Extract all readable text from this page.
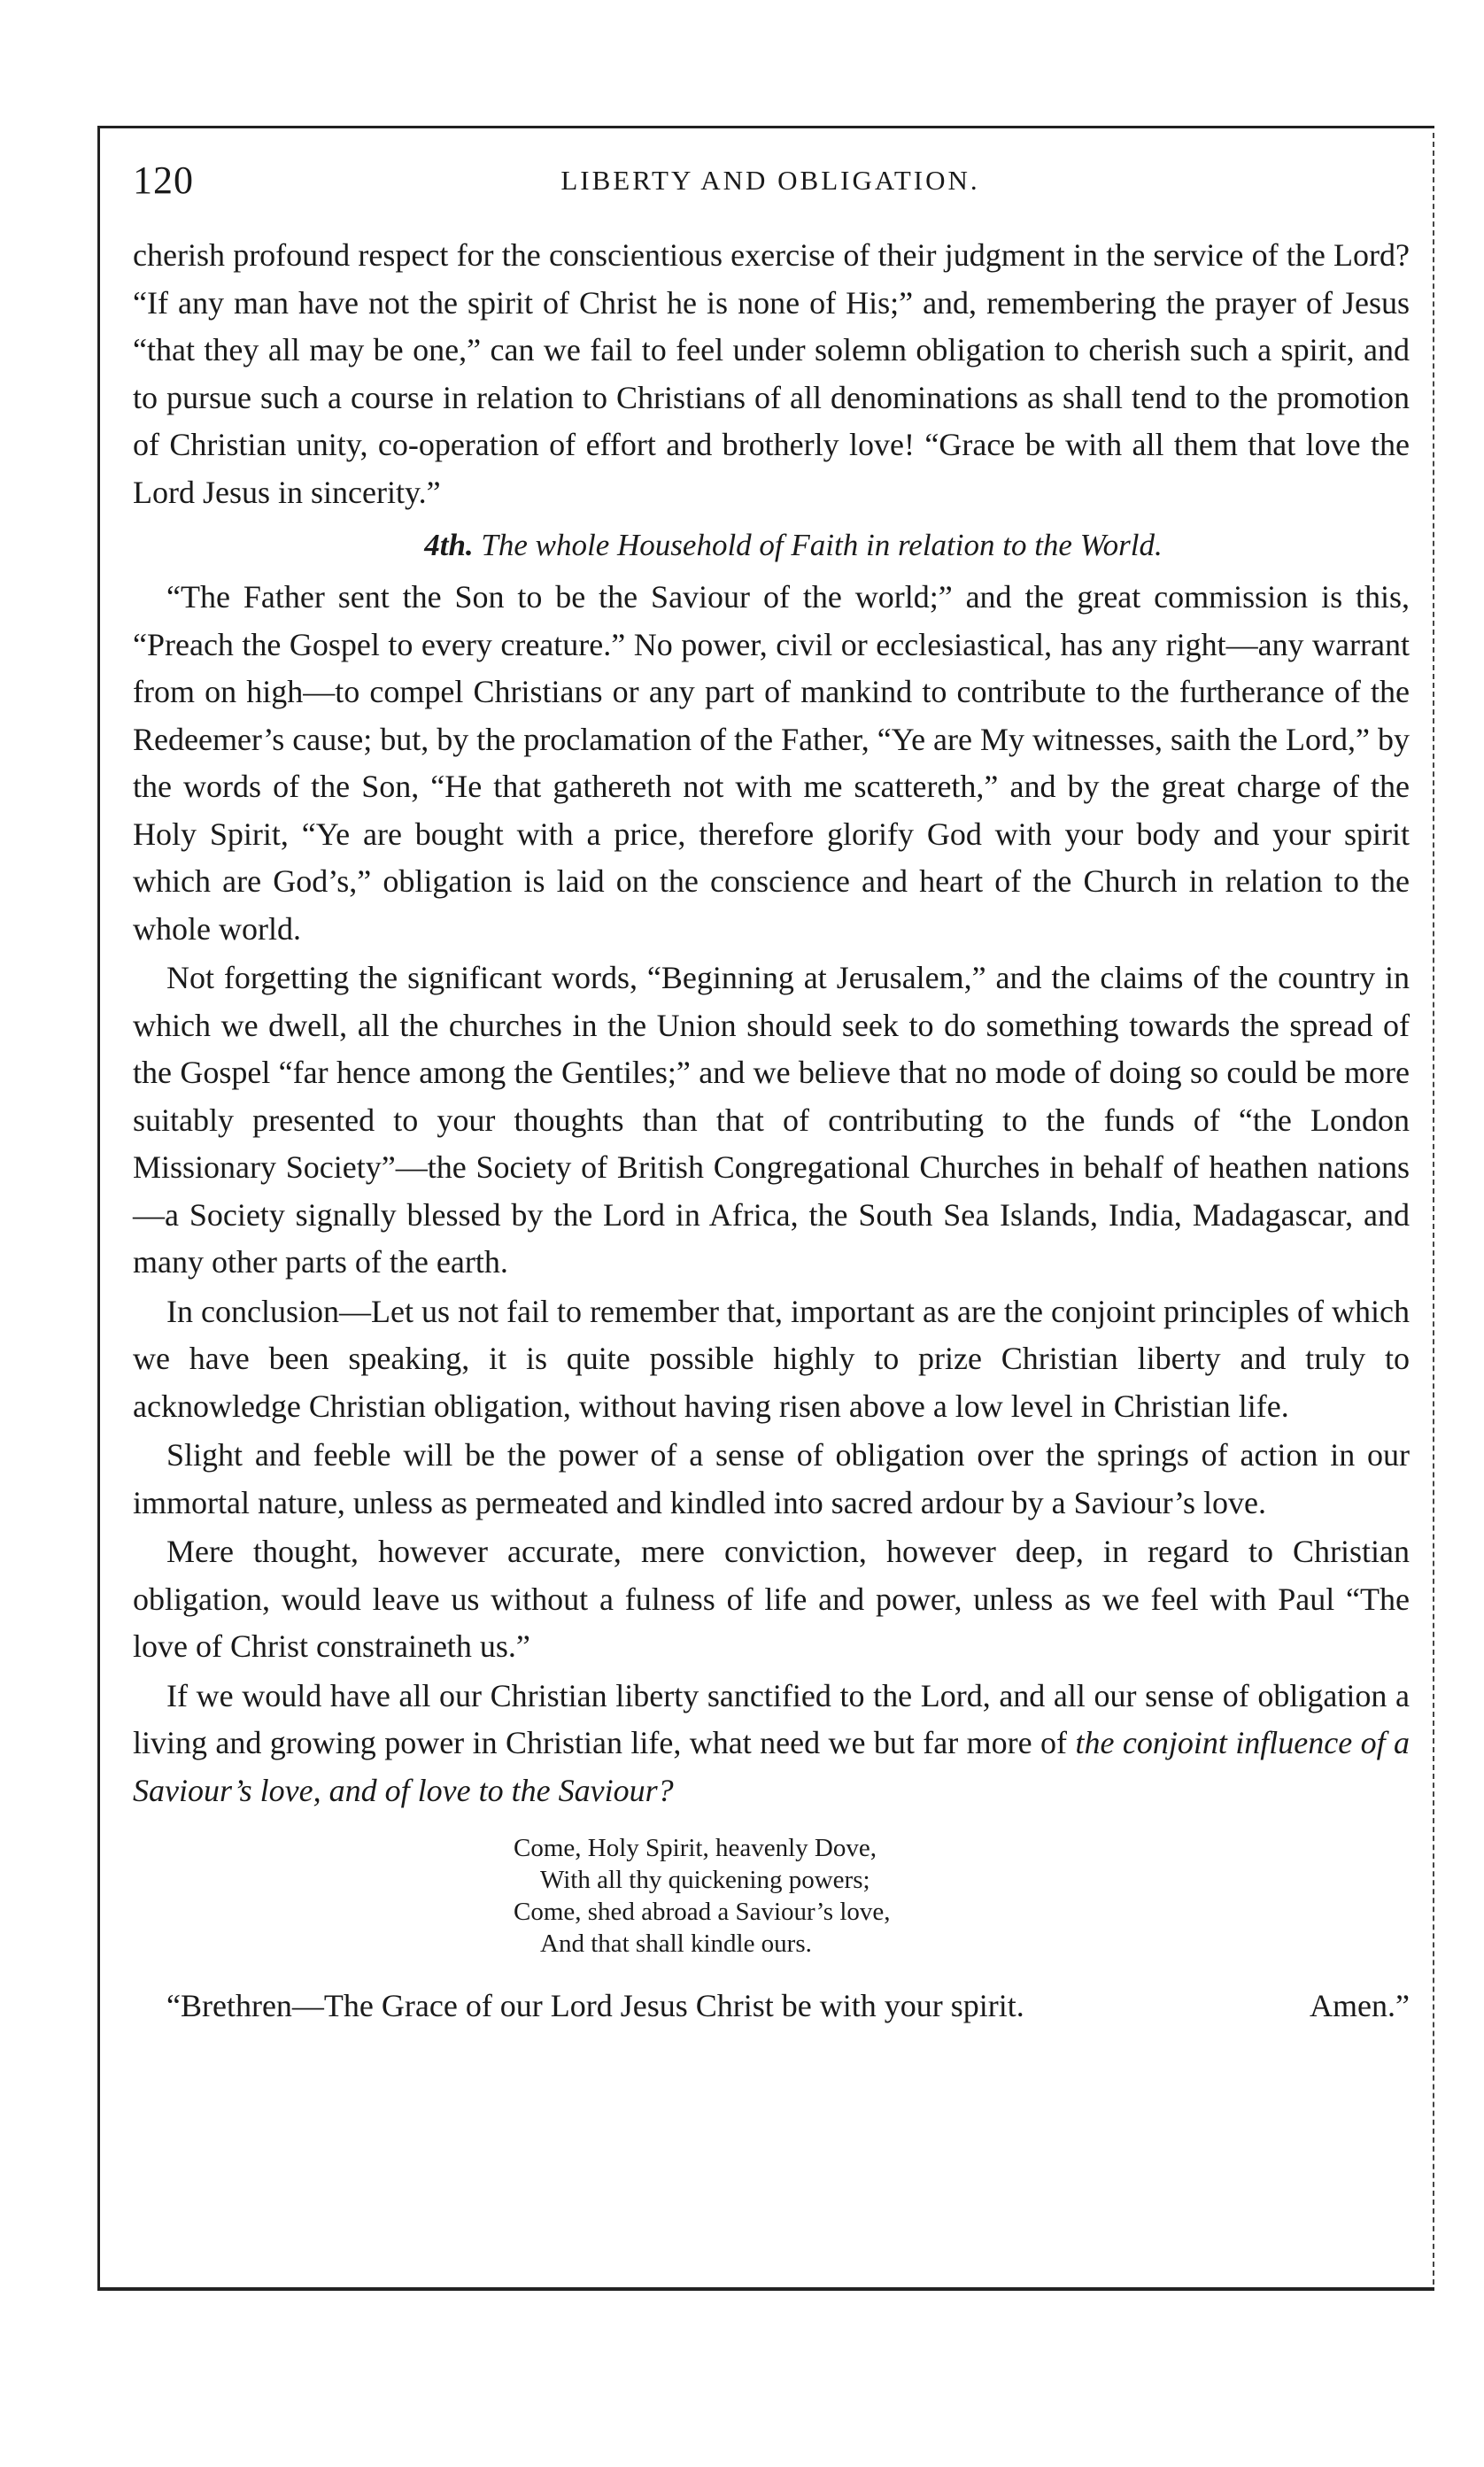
120	LIBERTY AND OBLIGATION.

cherish profound respect for the conscientious exercise of their judgment in the service of the Lord? “If any man have not the spirit of Christ he is none of His;” and, remembering the prayer of Jesus “that they all may be one,” can we fail to feel under solemn obligation to cherish such a spirit, and to pursue such a course in relation to Christians of all denominations as shall tend to the promotion of Christian unity, co-operation of effort and brotherly love! “Grace be with all them that love the Lord Jesus in sincerity.”

4th. The whole Household of Faith in relation to the World.

“The Father sent the Son to be the Saviour of the world;” and the great commission is this, “Preach the Gospel to every creature.” No power, civil or ecclesiastical, has any right—any warrant from on high—to compel Christians or any part of mankind to contribute to the furtherance of the Redeemer’s cause; but, by the proclamation of the Father, “Ye are My witnesses, saith the Lord,” by the words of the Son, “He that gathereth not with me scattereth,” and by the great charge of the Holy Spirit, “Ye are bought with a price, therefore glorify God with your body and your spirit which are God’s,” obligation is laid on the conscience and heart of the Church in relation to the whole world.

Not forgetting the significant words, “Beginning at Jerusalem,” and the claims of the country in which we dwell, all the churches in the Union should seek to do something towards the spread of the Gospel “far hence among the Gentiles;” and we believe that no mode of doing so could be more suitably presented to your thoughts than that of contributing to the funds of “the London Missionary Society”—the Society of British Congregational Churches in behalf of heathen nations—a Society signally blessed by the Lord in Africa, the South Sea Islands, India, Madagascar, and many other parts of the earth.

In conclusion—Let us not fail to remember that, important as are the conjoint principles of which we have been speaking, it is quite possible highly to prize Christian liberty and truly to acknowledge Christian obligation, without having risen above a low level in Christian life.

Slight and feeble will be the power of a sense of obligation over the springs of action in our immortal nature, unless as permeated and kindled into sacred ardour by a Saviour’s love.

Mere thought, however accurate, mere conviction, however deep, in regard to Christian obligation, would leave us without a fulness of life and power, unless as we feel with Paul “The love of Christ constraineth us.”

If we would have all our Christian liberty sanctified to the Lord, and all our sense of obligation a living and growing power in Christian life, what need we but far more of the conjoint influence of a Saviour’s love, and of love to the Saviour?

Come, Holy Spirit, heavenly Dove,
With all thy quickening powers;
Come, shed abroad a Saviour’s love,
And that shall kindle ours.

“Brethren—The Grace of our Lord Jesus Christ be with your spirit.	Amen.”
